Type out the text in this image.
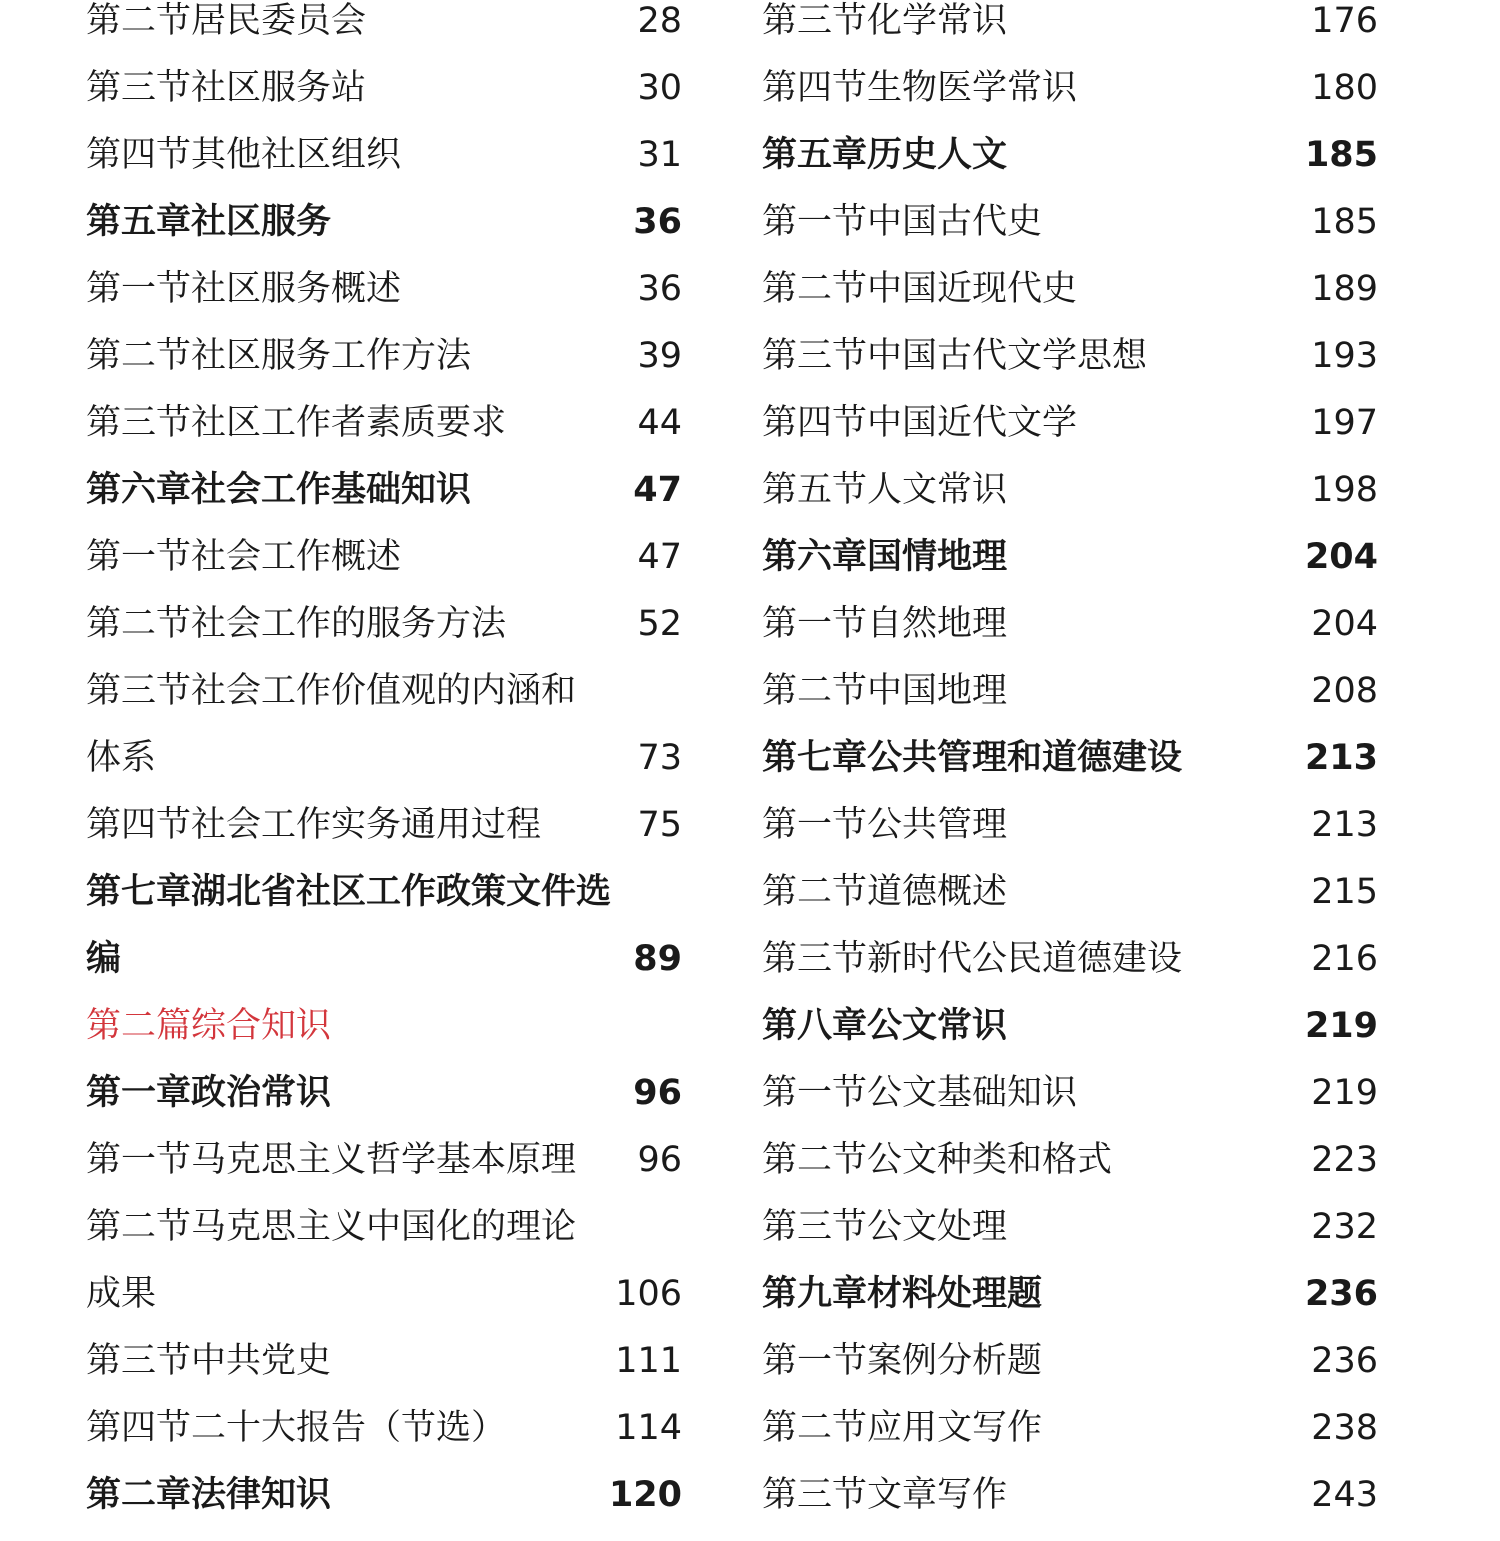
第二节居民委员会	28
第三节社区服务站	30
第四节其他社区组织	31
第五章社区服务	36
第一节社区服务概述	36
第二节社区服务工作方法	39
第三节社区工作者素质要求	44
第六章社会工作基础知识	47
第一节社会工作概述	47
第二节社会工作的服务方法	52
第三节社会工作价值观的内涵和
体系	73
第四节社会工作实务通用过程	75
第七章湖北省社区工作政策文件选
编	89
第二篇综合知识
第一章政治常识	96
第一节马克思主义哲学基本原理 96
第二节马克思主义中国化的理论
成果	106
第三节中共党史	111
第四节二十大报告（节选）	114
第二章法律知识	120
第三节化学常识	176
第四节生物医学常识	180
第五章历史人文	185
第一节中国古代史	185
第二节中国近现代史	189
第三节中国古代文学思想	193
第四节中国近代文学	197
第五节人文常识	198
第六章国情地理	204
第一节自然地理	204
第二节中国地理	208
第七章公共管理和道德建设	213
第一节公共管理	213
第二节道德概述	215
第三节新时代公民道德建设	216
第八章公文常识	219
第一节公文基础知识	219
第二节公文种类和格式	223
第三节公文处理	232
第九章材料处理题	236
第一节案例分析题	236
第二节应用文写作	238
第三节文章写作	243
